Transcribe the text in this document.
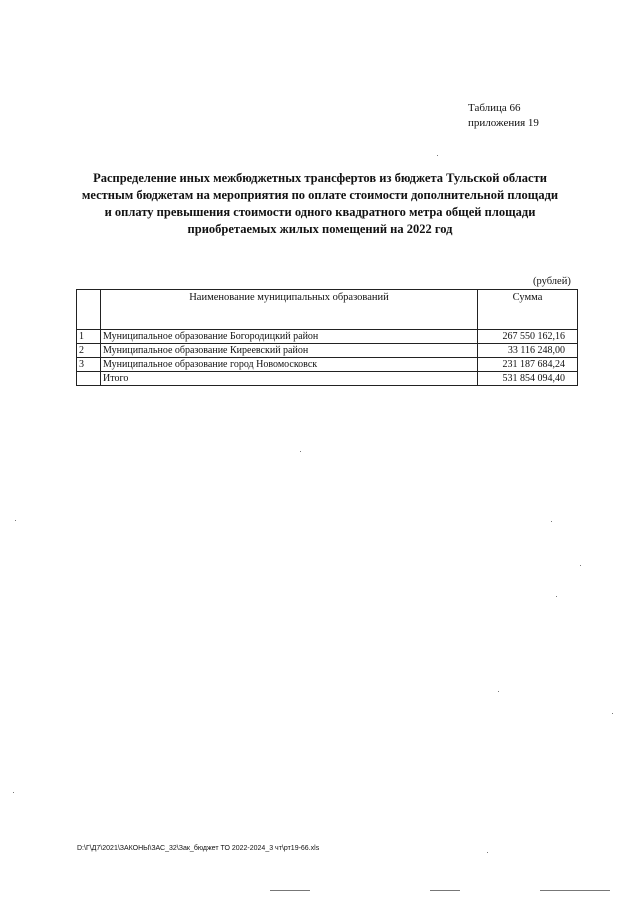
Таблица 66
приложения 19
Распределение иных межбюджетных трансфертов из бюджета Тульской области
местным бюджетам на мероприятия по оплате стоимости дополнительной площади
и оплату превышения стоимости одного квадратного метра общей площади
приобретаемых жилых помещений на 2022 год
(рублей)
	Наименование муниципальных образований	Сумма
1	Муниципальное образование Богородицкий район	267 550 162,16
2	Муниципальное образование Киреевский район	33 116 248,00
3	Муниципальное образование город Новомосковск	231 187 684,24
	Итого	531 854 094,40
D:\Г\Д7\2021\ЗАКОНЫ\ЗАС_32\Зак_бюджет ТО 2022-2024_3 чт\рт19-66.xls
